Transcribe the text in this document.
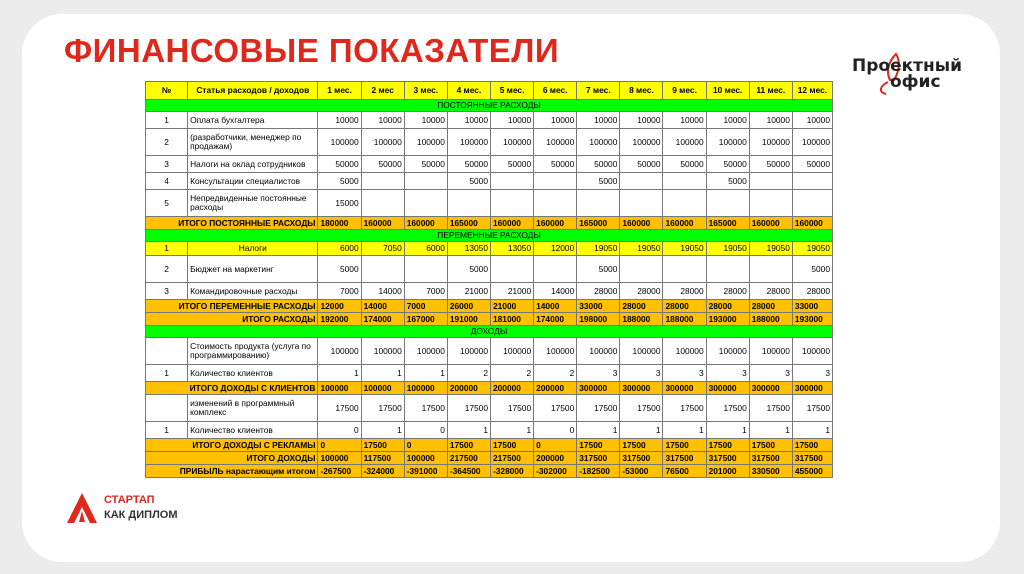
ФИНАНСОВЫЕ ПОКАЗАТЕЛИ	Проектный
офис
№	Статья расходов / доходов	1 мес.	2 мес	3 мес.	4 мес.	5 мес.	6 мес.	7 мес.	8 мес.	9 мес.	10 мес.	11 мес.	12 мес.
ПОСТОЯННЫЕ РАСХОДЫ													
1	Оплата бухгалтера	10000	10000	10000	10000	10000	10000	10000	10000	10000	10000	10000	10000
2	(разработчики, менеджер по продажам)	100000	100000	100000	100000	100000	100000	100000	100000	100000	100000	100000	100000
3	Налоги на оклад сотрудников	50000	50000	50000	50000	50000	50000	50000	50000	50000	50000	50000	50000
4	Консультации специалистов	5000			5000			5000			5000		
5	Непредвиденные постоянные расходы	15000											
ИТОГО ПОСТОЯННЫЕ РАСХОДЫ		180000	160000	160000	165000	160000	160000	165000	160000	160000	165000	160000	160000
ПЕРЕМЕННЫЕ РАСХОДЫ													
1	Налоги	6000	7050	6000	13050	13050	12000	19050	19050	19050	19050	19050	19050
2	Бюджет на маркетинг	5000			5000			5000					5000
3	Командировочные расходы	7000	14000	7000	21000	21000	14000	28000	28000	28000	28000	28000	28000
ИТОГО ПЕРЕМЕННЫЕ РАСХОДЫ		12000	14000	7000	26000	21000	14000	33000	28000	28000	28000	28000	33000
ИТОГО РАСХОДЫ		192000	174000	167000	191000	181000	174000	198000	188000	188000	193000	188000	193000
ДОХОДЫ													
	Стоимость продукта (услуга по программированию)	100000	100000	100000	100000	100000	100000	100000	100000	100000	100000	100000	100000
1	Количество клиентов	1	1	1	2	2	2	3	3	3	3	3	3
ИТОГО ДОХОДЫ С КЛИЕНТОВ		100000	100000	100000	200000	200000	200000	300000	300000	300000	300000	300000	300000
	изменений в программный комплекс	17500	17500	17500	17500	17500	17500	17500	17500	17500	17500	17500	17500
1	Количество клиентов	0	1	0	1	1	0	1	1	1	1	1	1
ИТОГО ДОХОДЫ С РЕКЛАМЫ		0	17500	0	17500	17500	0	17500	17500	17500	17500	17500	17500
ИТОГО ДОХОДЫ		100000	117500	100000	217500	217500	200000	317500	317500	317500	317500	317500	317500
ПРИБЫЛЬ нарастающим итогом		-267500	-324000	-391000	-364500	-328000	-302000	-182500	-53000	76500	201000	330500	455000
СТАРТАП
КАК ДИПЛОМ
